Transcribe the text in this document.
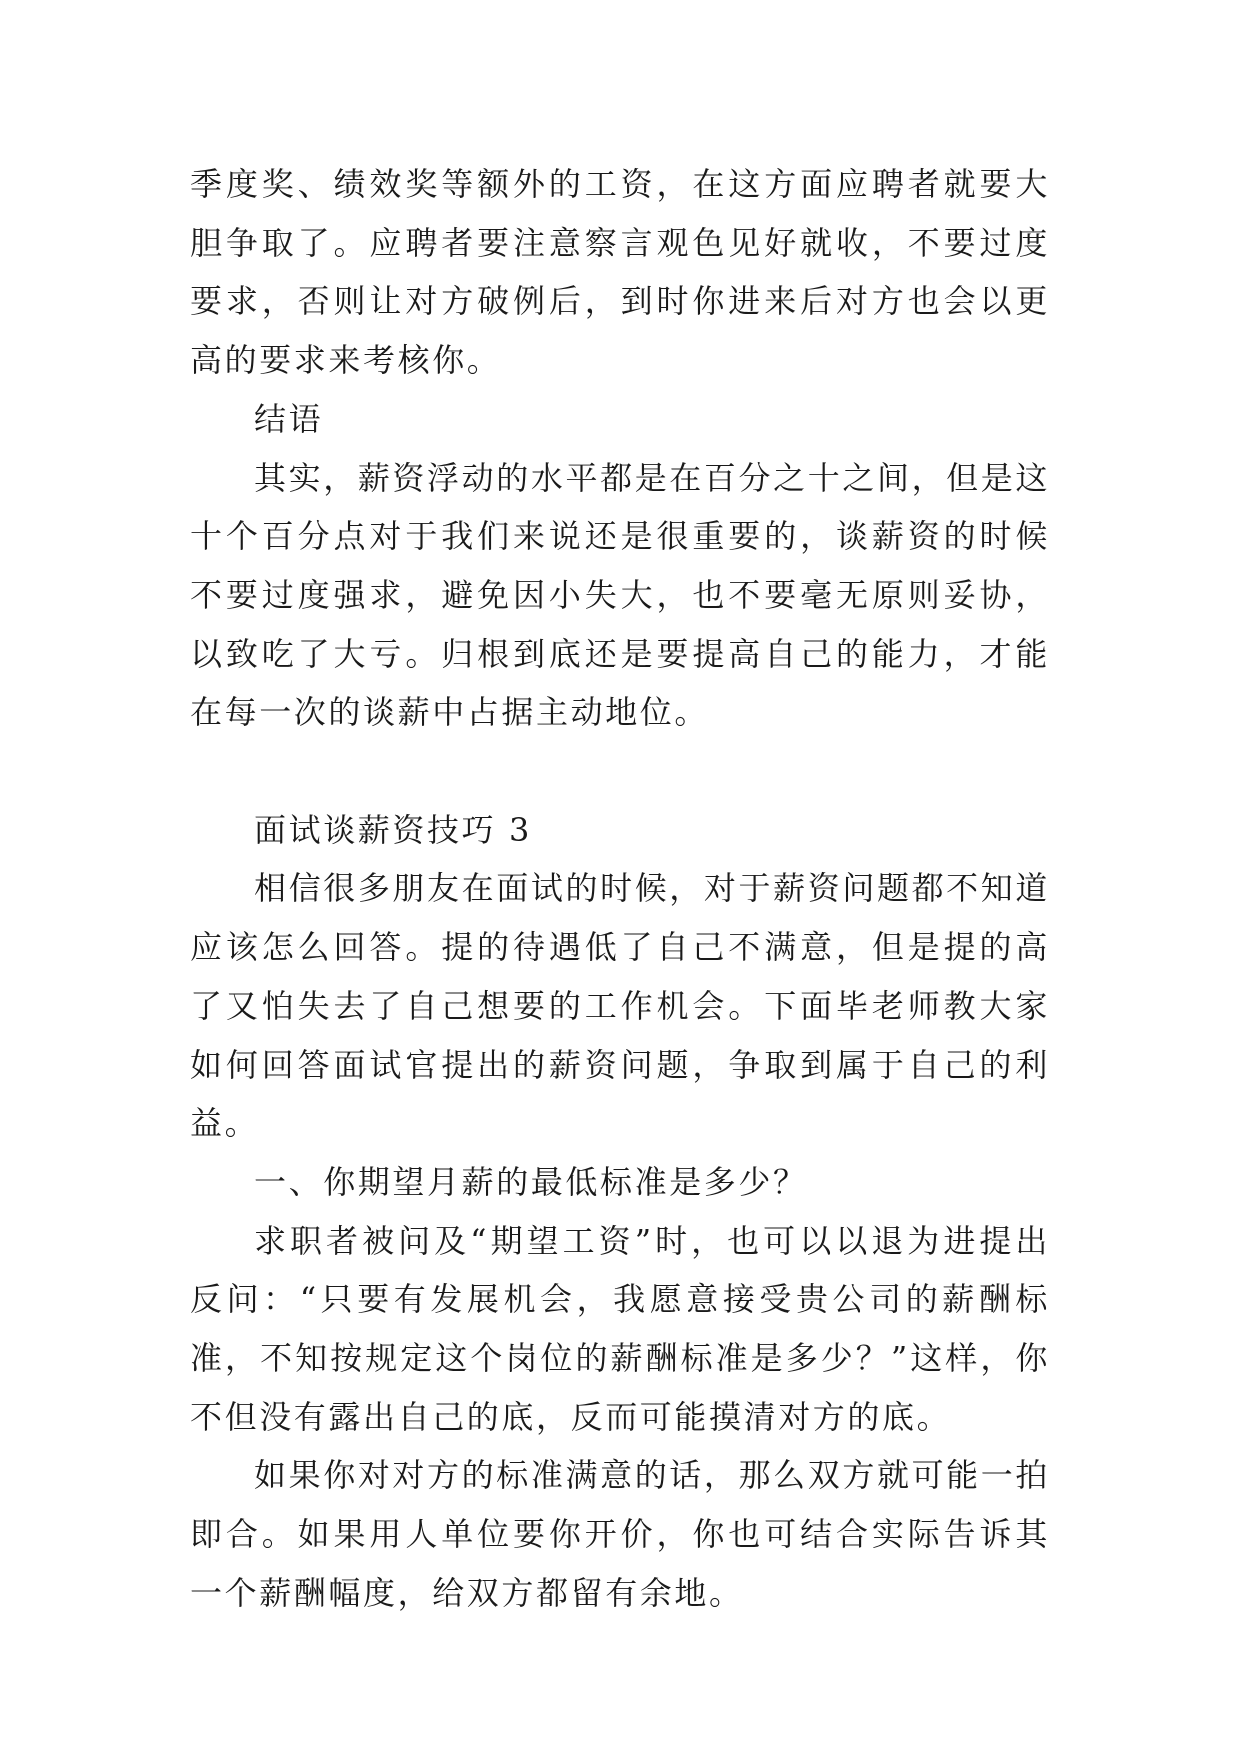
季度奖、绩效奖等额外的工资，在这方面应聘者就要大胆争取了。应聘者要注意察言观色见好就收，不要过度要求，否则让对方破例后，到时你进来后对方也会以更高的要求来考核你。

结语

其实，薪资浮动的水平都是在百分之十之间，但是这十个百分点对于我们来说还是很重要的，谈薪资的时候不要过度强求，避免因小失大，也不要毫无原则妥协，以致吃了大亏。归根到底还是要提高自己的能力，才能在每一次的谈薪中占据主动地位。

面试谈薪资技巧 3

相信很多朋友在面试的时候，对于薪资问题都不知道应该怎么回答。提的待遇低了自己不满意，但是提的高了又怕失去了自己想要的工作机会。下面毕老师教大家如何回答面试官提出的薪资问题，争取到属于自己的利益。

一、你期望月薪的最低标准是多少？

求职者被问及“期望工资”时，也可以以退为进提出反问：“只要有发展机会，我愿意接受贵公司的薪酬标准，不知按规定这个岗位的薪酬标准是多少？”这样，你不但没有露出自己的底，反而可能摸清对方的底。

如果你对对方的标准满意的话，那么双方就可能一拍即合。如果用人单位要你开价，你也可结合实际告诉其一个薪酬幅度，给双方都留有余地。
